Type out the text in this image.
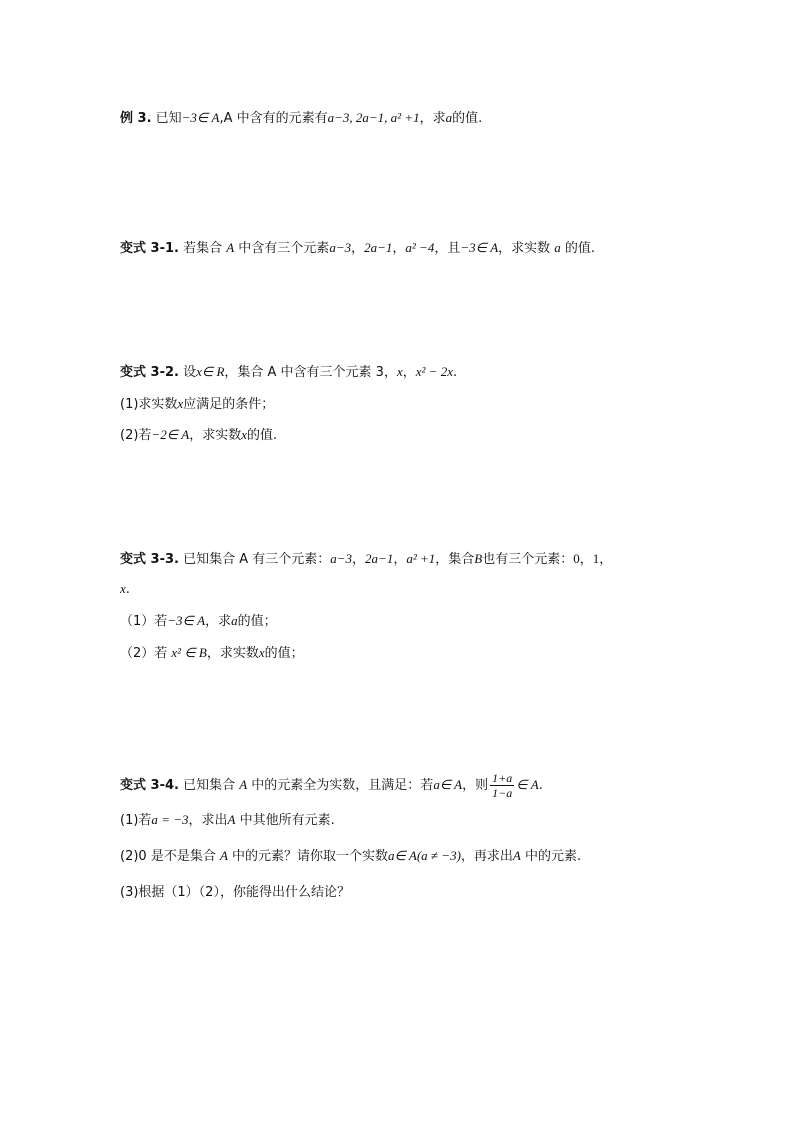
例 3. 已知−3∈ A,A 中含有的元素有a−3, 2a−1, a² +1，求a的值.
变式 3-1. 若集合 A 中含有三个元素a−3，2a−1，a² −4，且−3∈ A，求实数 a 的值.
变式 3-2. 设x∈ R，集合 A 中含有三个元素 3，x，x² − 2x.
(1)求实数x应满足的条件；
(2)若−2∈ A，求实数x的值.
变式 3-3. 已知集合 A 有三个元素：a−3，2a−1，a² +1，集合B也有三个元素：0，1，
x.
（1）若−3∈ A，求a的值；
（2）若 x² ∈ B，求实数x的值；
变式 3-4. 已知集合 A 中的元素全为实数，且满足：若a∈ A，则 $\frac{1+a}{1-a}$ ∈ A.
(1)若a = −3，求出A 中其他所有元素.
(2)0 是不是集合 A 中的元素？请你取一个实数a∈ A(a ≠ −3)，再求出A 中的元素.
(3)根据（1）（2），你能得出什么结论？
